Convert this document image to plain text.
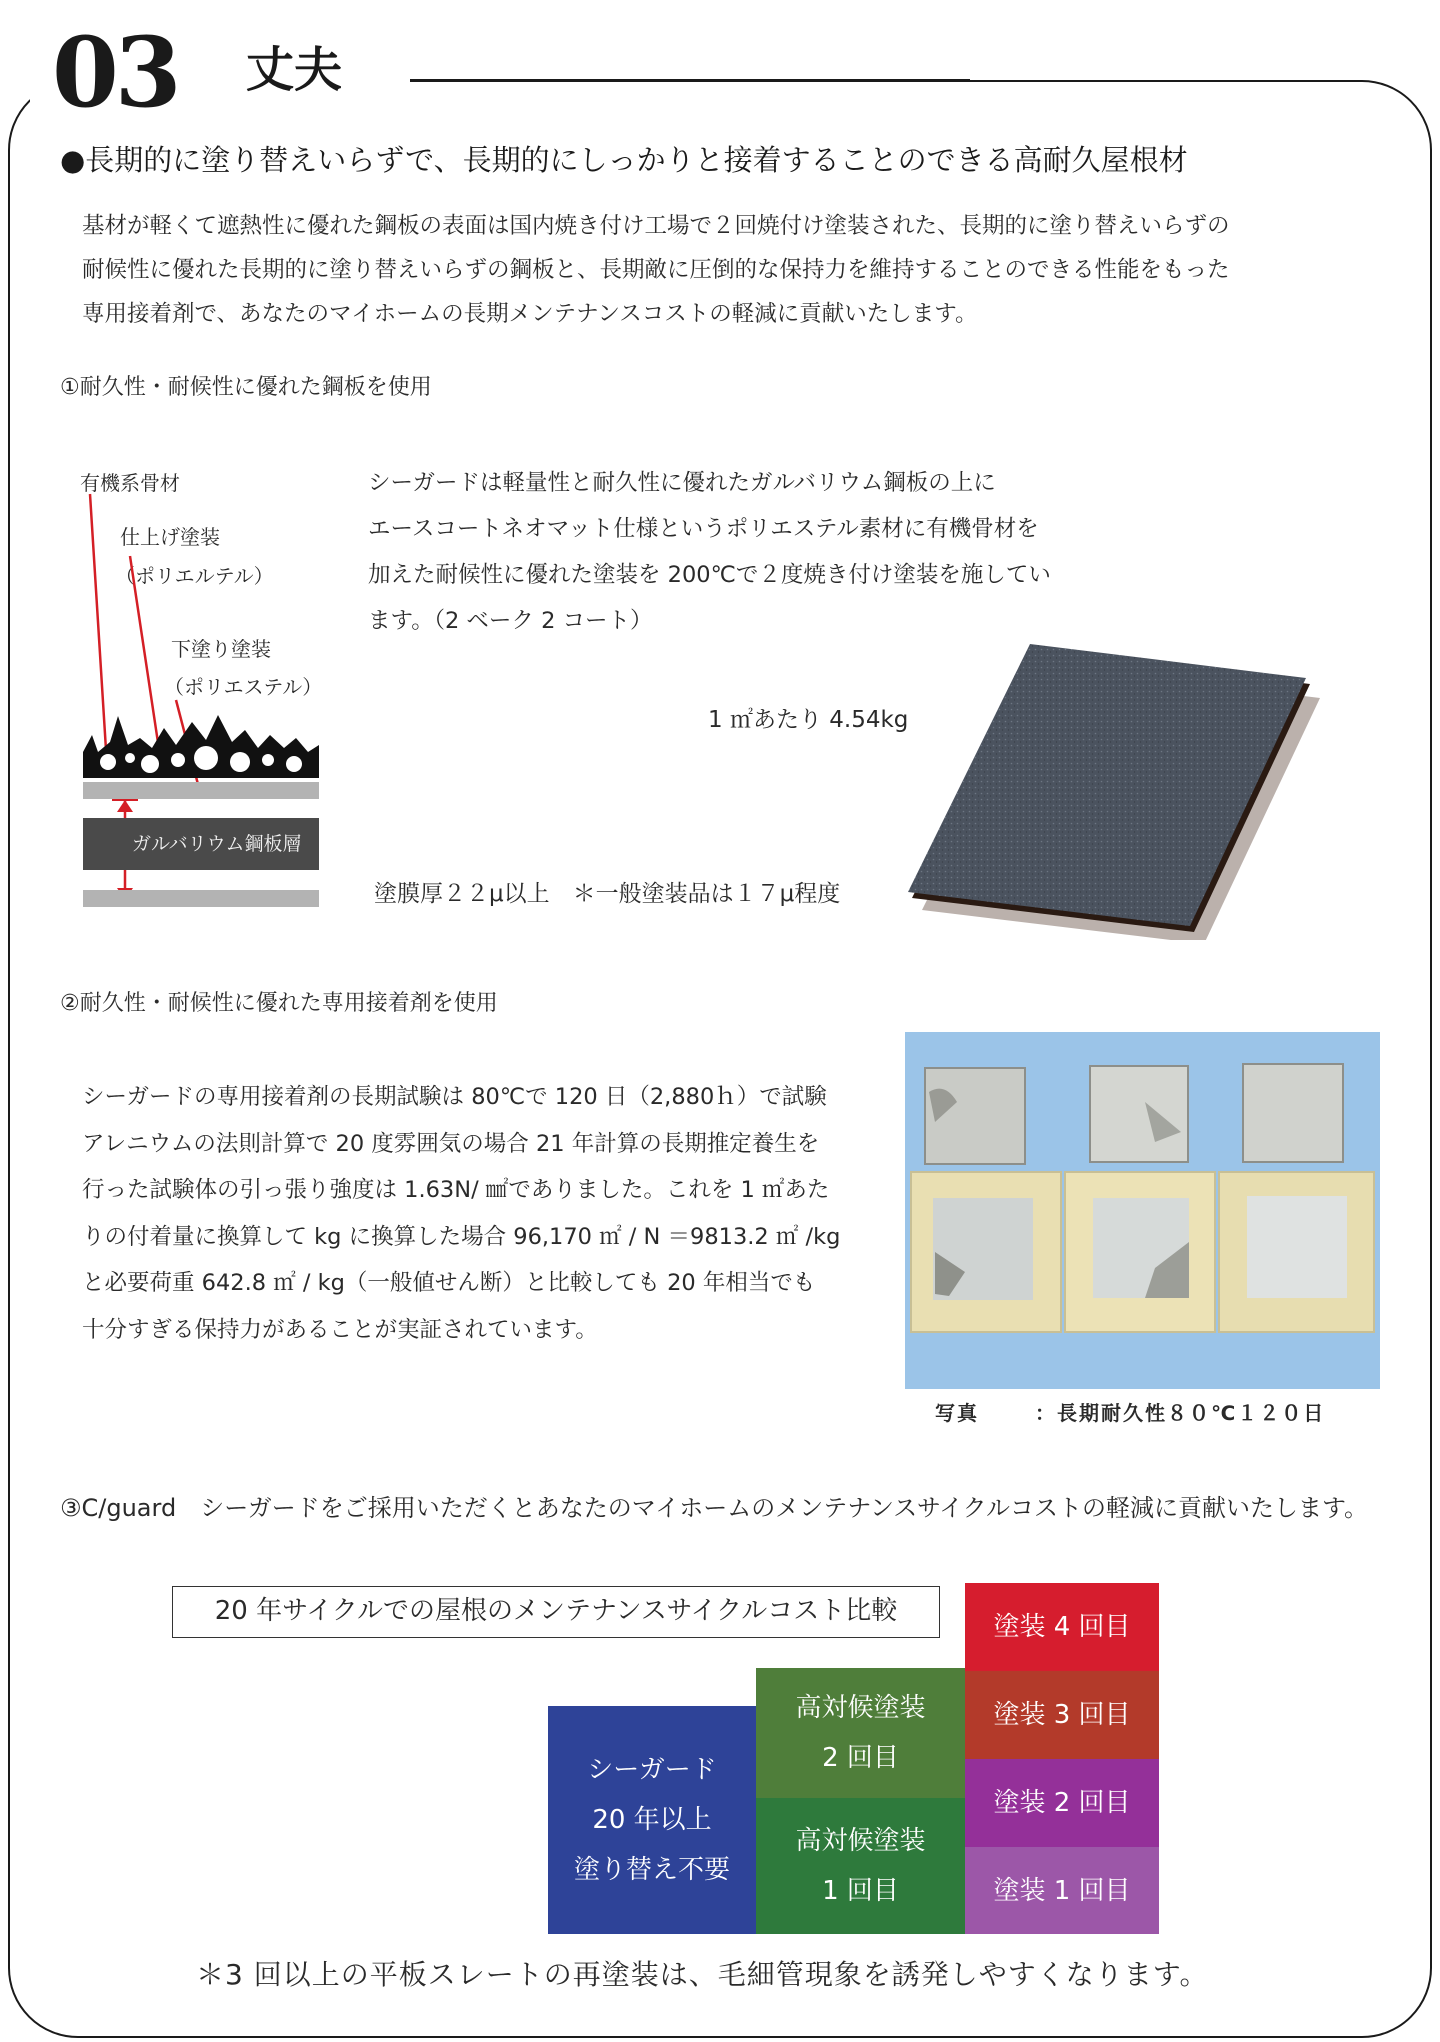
03 丈夫
●長期的に塗り替えいらずで、長期的にしっかりと接着することのできる高耐久屋根材
基材が軽くて遮熱性に優れた鋼板の表面は国内焼き付け工場で２回焼付け塗装された、長期的に塗り替えいらずの
耐候性に優れた長期的に塗り替えいらずの鋼板と、長期敵に圧倒的な保持力を維持することのできる性能をもった
専用接着剤で、あなたのマイホームの長期メンテナンスコストの軽減に貢献いたします。
①耐久性・耐候性に優れた鋼板を使用
有機系骨材
仕上げ塗装
（ポリエルテル）
下塗り塗装
（ポリエステル）
ガルバリウム鋼板層
シーガードは軽量性と耐久性に優れたガルバリウム鋼板の上に
エースコートネオマット仕様というポリエステル素材に有機骨材を
加えた耐候性に優れた塗装を 200℃で２度焼き付け塗装を施してい
ます。（2 ベーク 2 コート）
1 ㎡あたり 4.54kg
塗膜厚２２μ以上　＊一般塗装品は１７μ程度
②耐久性・耐候性に優れた専用接着剤を使用
シーガードの専用接着剤の長期試験は 80℃で 120 日（2,880ｈ）で試験
アレニウムの法則計算で 20 度雰囲気の場合 21 年計算の長期推定養生を
行った試験体の引っ張り強度は 1.63N/ ㎟でありました。これを 1 ㎡あた
りの付着量に換算して kg に換算した場合 96,170 ㎡ / N ＝9813.2 ㎡ /kg
と必要荷重 642.8 ㎡ / kg（一般値せん断）と比較しても 20 年相当でも
十分すぎる保持力があることが実証されています。
写真	：長期耐久性８０℃１２０日
③C/guard　シーガードをご採用いただくとあなたのマイホームのメンテナンスサイクルコストの軽減に貢献いたします。
20 年サイクルでの屋根のメンテナンスサイクルコスト比較
シーガード
20 年以上
塗り替え不要
高対候塗装
2 回目
高対候塗装
1 回目
塗装 4 回目
塗装 3 回目
塗装 2 回目
塗装 1 回目
＊3 回以上の平板スレートの再塗装は、毛細管現象を誘発しやすくなります。
